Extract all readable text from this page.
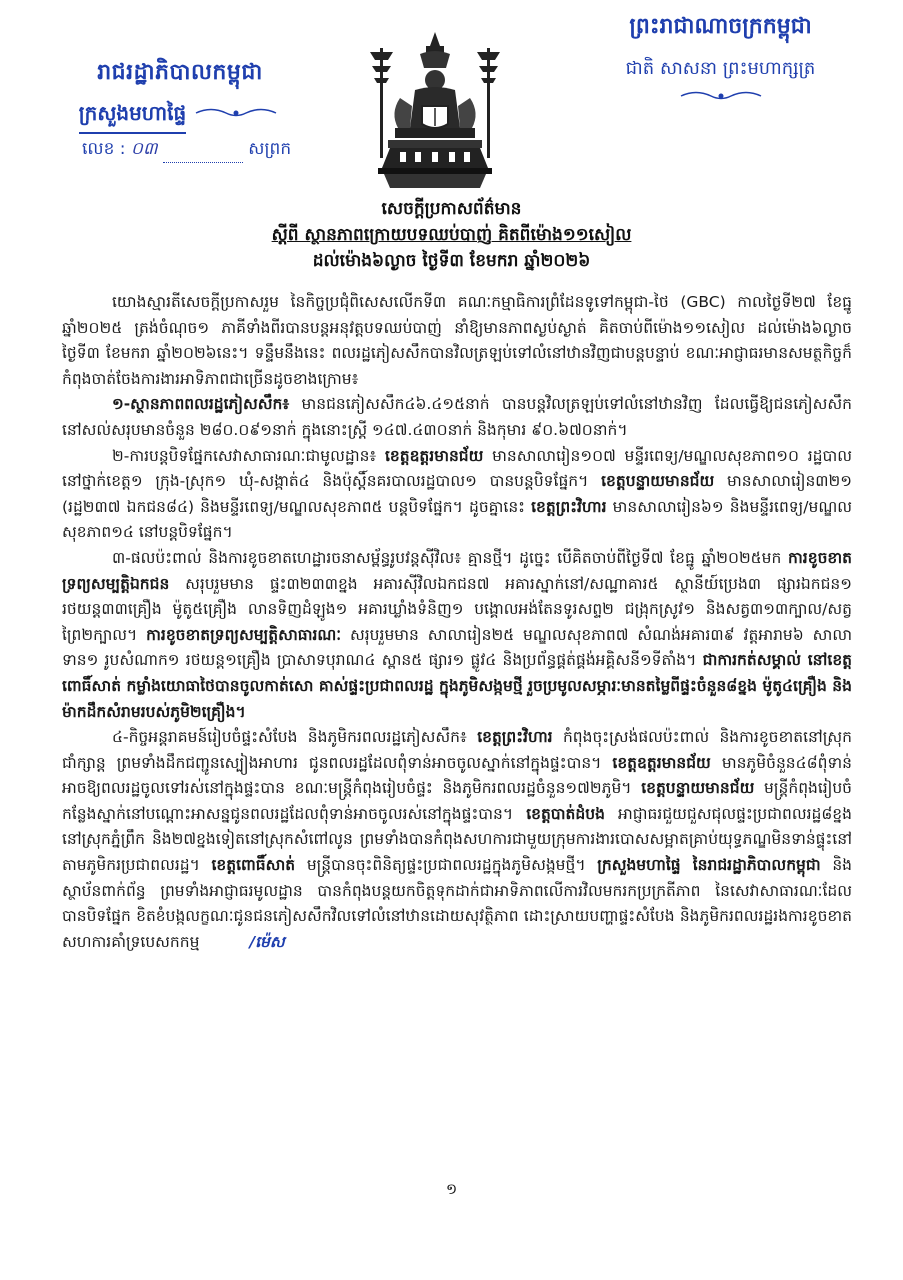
រាជរដ្ឋាភិបាលកម្ពុជា
ក្រសួងមហាផ្ទៃ
លេខ : ០៣	សព្រក
ព្រះរាជាណាចក្រកម្ពុជា
ជាតិ សាសនា ព្រះមហាក្សត្រ
សេចក្តីប្រកាសព័ត៌មាន
ស្តីពី ស្ថានភាពក្រោយបទឈប់បាញ់ គិតពីម៉ោង១១សៀល
ដល់ម៉ោង៦ល្ងាច ថ្ងៃទី៣ ខែមករា ឆ្នាំ២០២៦

យោងស្មារតីសេចក្តីប្រកាសរួម នៃកិច្ចប្រជុំពិសេសលើកទី៣ គណៈកម្មាធិការព្រំដែនទូទៅកម្ពុជា-ថៃ (GBC) កាលថ្ងៃទី២៧ ខែធ្នូ ឆ្នាំ២០២៥ ត្រង់ចំណុច១ ភាគីទាំងពីរបានបន្តអនុវត្តបទឈប់បាញ់ នាំឱ្យមានភាពស្ងប់ស្ងាត់ គិតចាប់ពីម៉ោង១១សៀល ដល់ម៉ោង៦ល្ងាច ថ្ងៃទី៣ ខែមករា ឆ្នាំ២០២៦នេះ។ ទន្ទឹមនឹងនេះ ពលរដ្ឋភៀសសឹកបានវិលត្រឡប់ទៅលំនៅឋានវិញជាបន្តបន្ទាប់ ខណៈអាជ្ញាធរមានសមត្ថកិច្ចក៏កំពុងចាត់ចែងការងារអាទិភាពជាច្រើនដូចខាងក្រោម៖

១-ស្ថានភាពពលរដ្ឋភៀសសឹក៖ មានជនភៀសសឹក៤៦.៤១៥នាក់ បានបន្តវិលត្រឡប់ទៅលំនៅឋានវិញ ដែលធ្វើឱ្យជនភៀសសឹកនៅសល់សរុបមានចំនួន ២៨០.០៩១នាក់ ក្នុងនោះស្ត្រី ១៤៧.៤៣០នាក់ និងកុមារ ៩០.៦៧០នាក់។

២-ការបន្តបិទផ្នែកសេវាសាធារណៈជាមូលដ្ឋាន៖ ខេត្តឧត្តរមានជ័យ មានសាលារៀន១០៧ មន្ទីរពេទ្យ/មណ្ឌលសុខភាព១០ រដ្ឋបាលនៅថ្នាក់ខេត្ត១ ក្រុង-ស្រុក១ ឃុំ-សង្កាត់៤ និងប៉ុស្តិ៍នគរបាលរដ្ឋបាល១ បានបន្តបិទផ្នែក។ ខេត្តបន្ទាយមានជ័យ មានសាលារៀន៣២១ (រដ្ឋ២៣៧ ឯកជន៨៤) និងមន្ទីរពេទ្យ/មណ្ឌលសុខភាព៥ បន្តបិទផ្នែក។ ដូចគ្នានេះ ខេត្តព្រះវិហារ មានសាលារៀន៦១ និងមន្ទីរពេទ្យ/មណ្ឌលសុខភាព១៤ នៅបន្តបិទផ្នែក។

៣-ផលប៉ះពាល់ និងការខូចខាតហេដ្ឋារចនាសម្ព័ន្ធរូបវន្តស៊ីវិល៖ គ្មានថ្មី។ ដូច្នេះ បើគិតចាប់ពីថ្ងៃទី៧ ខែធ្នូ ឆ្នាំ២០២៥មក ការខូចខាតទ្រព្យសម្បត្តិឯកជន សរុបរួមមាន ផ្ទះ៣២៣៣ខ្នង អគារស៊ីវិលឯកជន៧ អគារស្នាក់នៅ/សណ្ឋាគារ៥ ស្ថានីយ៍ប្រេង៣ ផ្សារឯកជន១ រថយន្ត៣៣គ្រឿង ម៉ូតូ៥គ្រឿង លានទិញដំឡូង១ អគារឃ្លាំងទំនិញ១ បង្គោលអង់តែនទូរសព្ទ២ ជង្រុកស្រូវ១ និងសត្វ៣១៣ក្បាល/សត្វព្រៃ២ក្បាល។ ការខូចខាតទ្រព្យសម្បត្តិសាធារណៈ សរុបរួមមាន សាលារៀន២៥ មណ្ឌលសុខភាព៧ សំណង់អគារ៣៩ វត្តអារាម៦ សាលាទាន១ រូបសំណាក១ រថយន្ត១គ្រឿង ប្រាសាទបុរាណ៤ ស្ពាន៥ ផ្សារ១ ផ្លូវ៤ និងប្រព័ន្ធផ្គត់ផ្គង់អគ្គិសនី១ទីតាំង។ ជាការកត់សម្គាល់ នៅខេត្តពោធិ៍សាត់ កម្លាំងយោធាថៃបានចូលកាត់សោ គាស់ផ្ទះប្រជាពលរដ្ឋ ក្នុងភូមិសង្កមថ្មី រួចប្រមូលសម្ភារៈមានតម្លៃពីផ្ទះចំនួន៨ខ្នង ម៉ូតូ៤គ្រឿង និងម៉ាកដឹកសំរាមរបស់ភូមិ២គ្រឿង។

៤-កិច្ចអន្តរាគមន៍រៀបចំផ្ទះសំបែង និងភូមិករពលរដ្ឋភៀសសឹក៖ ខេត្តព្រះវិហារ កំពុងចុះស្រង់ផលប៉ះពាល់ និងការខូចខាតនៅស្រុកជាំក្សាន្ត ព្រមទាំងដឹកជញ្ជូនស្បៀងអាហារ ជូនពលរដ្ឋដែលពុំទាន់អាចចូលស្នាក់នៅក្នុងផ្ទះបាន។ ខេត្តឧត្តរមានជ័យ មានភូមិចំនួន៤៨ពុំទាន់អាចឱ្យពលរដ្ឋចូលទៅរស់នៅក្នុងផ្ទះបាន ខណៈមន្ត្រីកំពុងរៀបចំផ្ទះ និងភូមិករពលរដ្ឋចំនួន១៧២ភូមិ។ ខេត្តបន្ទាយមានជ័យ មន្ត្រីកំពុងរៀបចំកន្លែងស្នាក់នៅបណ្តោះអាសន្នជូនពលរដ្ឋដែលពុំទាន់អាចចូលរស់នៅក្នុងផ្ទះបាន។ ខេត្តបាត់ដំបង អាជ្ញាធរជួយជួសជុលផ្ទះប្រជាពលរដ្ឋ៨ខ្នង នៅស្រុកភ្នំព្រឹក និង២៧ខ្នងទៀតនៅស្រុកសំពៅលូន ព្រមទាំងបានកំពុងសហការជាមួយក្រុមការងារបោសសម្អាតគ្រាប់យុទ្ធភណ្ឌមិនទាន់ផ្ទុះនៅតាមភូមិករប្រជាពលរដ្ឋ។ ខេត្តពោធិ៍សាត់ មន្ត្រីបានចុះពិនិត្យផ្ទះប្រជាពលរដ្ឋក្នុងភូមិសង្កមថ្មី។ ក្រសួងមហាផ្ទៃ នៃរាជរដ្ឋាភិបាលកម្ពុជា និងស្ថាប័នពាក់ព័ន្ធ ព្រមទាំងអាជ្ញាធរមូលដ្ឋាន បានកំពុងបន្តយកចិត្តទុកដាក់ជាអាទិភាពលើការវិលមករកប្រក្រតីភាព នៃសេវាសាធារណៈដែលបានបិទផ្នែក ខិតខំបង្កលក្ខណៈជូនជនភៀសសឹកវិលទៅលំនៅឋានដោយសុវត្ថិភាព ដោះស្រាយបញ្ហាផ្ទះសំបែង និងភូមិករពលរដ្ឋរងការខូចខាត សហការគាំទ្របេសកកម្ម	/ម៉េស

១
